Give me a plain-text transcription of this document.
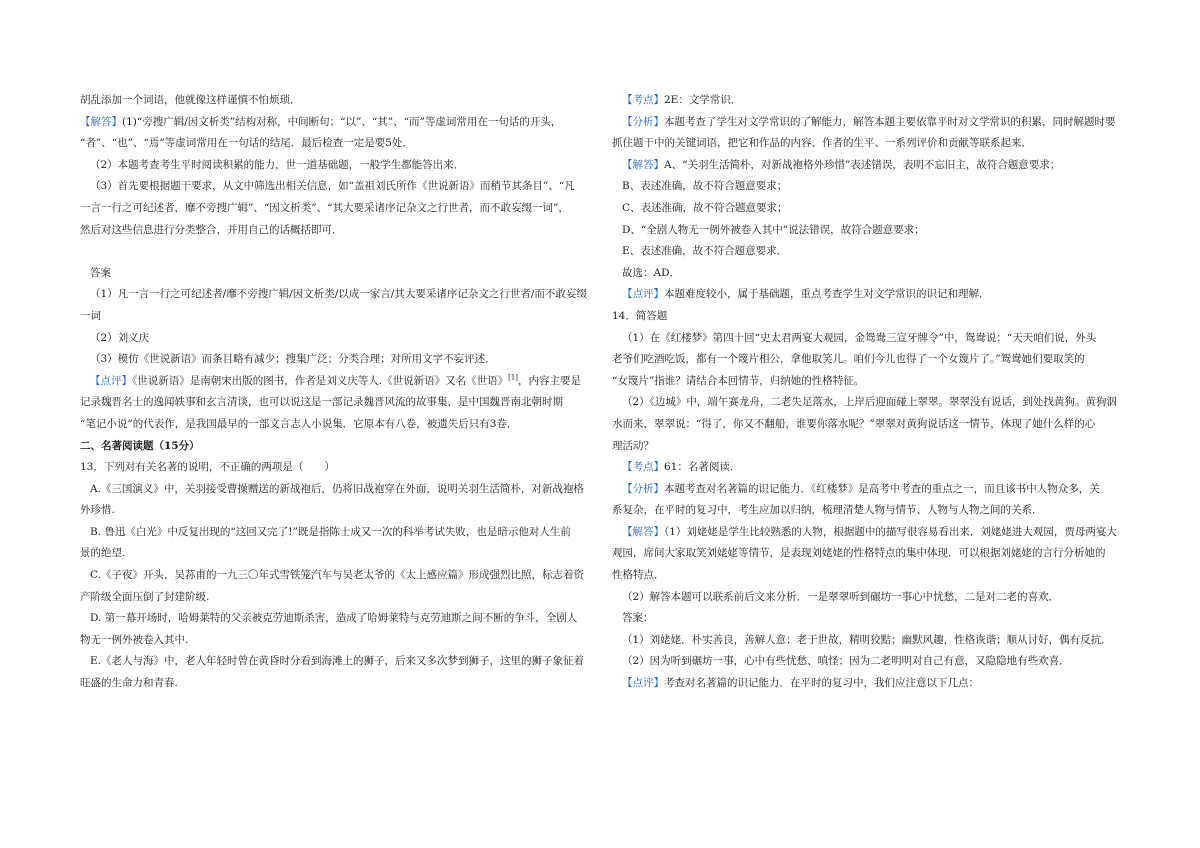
胡乱添加一个词语，他就像这样谨慎不怕烦琐．
【解答】(1)“旁搜广辑/因文析类”结构对称，中间断句；“以”、“其”、“而”等虚词常用在一句话的开头，
“者”、“也”、“焉”等虚词常用在一句话的结尾．最后检查一定是要5处．
（2）本题考查考生平时阅读积累的能力，世一道基础题，一般学生都能答出来．
（3）首先要根据题干要求，从文中筛选出相关信息，如“盖祖刘氏所作《世说新语》而稍节其条目”、“凡
一言一行之可纪述者，靡不旁搜广辑”、“因文析类”、“其大要采诸序记杂文之行世者，而不敢妄缀一词”，
然后对这些信息进行分类整合，并用自己的话概括即可．
答案
（1）凡一言一行之可纪述者/靡不旁搜广辑/因文析类/以成一家言/其大要采诸序记杂文之行世者/而不敢妄缀
一词
（2）刘义庆
（3）模仿《世说新语》而条目略有减少；搜集广泛；分类合理；对所用文字不妄评述．
【点评】《世说新语》是南朝宋出版的图书，作者是刘义庆等人.《世说新语》又名《世语》[1]，内容主要是
记录魏晋名士的逸闻轶事和玄言清谈，也可以说这是一部记录魏晋风流的故事集，是中国魏晋南北朝时期
“笔记小说”的代表作，是我国最早的一部文言志人小说集．它原本有八卷，被遗失后只有3卷．
二、名著阅读题（15分）
13．下列对有关名著的说明，不正确的两项是（　　）
A.《三国演义》中，关羽接受曹操赠送的新战袍后，仍将旧战袍穿在外面，说明关羽生活简朴，对新战袍格
外珍惜.
B. 鲁迅《白光》中反复出现的“这回又完了!”既是指陈士成又一次的科举考试失败，也是暗示他对人生前
景的绝望.
C.《子夜》开头，吴荪甫的一九三〇年式雪铁笼汽车与吴老太爷的《太上感应篇》形成强烈比照，标志着资
产阶级全面压倒了封建阶级.
D. 第一幕开场时，哈姆莱特的父亲被克劳迪斯杀害，造成了哈姆莱特与克劳迪斯之间不断的争斗，全剧人
物无一例外被卷入其中.
E.《老人与海》中，老人年轻时曾在黄昏时分看到海滩上的狮子，后来又多次梦到狮子，这里的狮子象征着
旺盛的生命力和青春.
【考点】2E：文学常识．
【分析】本题考查了学生对文学常识的了解能力，解答本题主要依靠平时对文学常识的积累，同时解题时要
抓住题干中的关键词语，把它和作品的内容、作者的生平、一系列评价和贡献等联系起来．
【解答】A、“关羽生活简朴，对新战袍格外珍惜”表述错误，表明不忘旧主，故符合题意要求；
B、表述准确，故不符合题意要求；
C、表述准确，故不符合题意要求；
D、“全剧人物无一例外被卷入其中”说法错误，故符合题意要求；
E、表述准确，故不符合题意要求．
故选：AD．
【点评】本题难度较小，属于基础题，重点考查学生对文学常识的识记和理解．
14．简答题
（1）在《红楼梦》第四十回“史太君两宴大观园，金鸳鸯三宣牙牌令”中，鸳鸯说：“天天咱们说，外头
老爷们吃酒吃饭，都有一个篾片相公，拿他取笑儿。咱们今儿也得了一个女篾片了。”鸳鸯她们要取笑的
“女篾片”指谁？请结合本回情节，归纳她的性格特征。
（2）《边城》中，端午赛龙舟，二老失足落水，上岸后迎面碰上翠翠。翠翠没有说话，到处找黄狗。黄狗泅
水而来，翠翠说：“得了，你又不翻船，谁要你落水呢？”翠翠对黄狗说话这一情节，体现了她什么样的心
理活动？
【考点】61：名著阅读．
【分析】本题考查对名著篇的识记能力．《红楼梦》是高考中考查的重点之一，而且该书中人物众多，关
系复杂，在平时的复习中，考生应加以归纳，梳理清楚人物与情节、人物与人物之间的关系．
【解答】（1）刘姥姥是学生比较熟悉的人物，根据题中的描写很容易看出来．刘姥姥进大观园，贾母两宴大
观园，席间大家取笑刘姥姥等情节，是表现刘姥姥的性格特点的集中体现．可以根据刘姥姥的言行分析她的
性格特点．
（2）解答本题可以联系前后文来分析．一是翠翠听到碾坊一事心中忧愁，二是对二老的喜欢．
答案：
（1）刘姥姥．朴实善良，善解人意；老于世故，精明狡黠；幽默风趣，性格诙谐；顺从讨好，偶有反抗．
（2）因为听到碾坊一事，心中有些忧愁、嗔怪；因为二老明明对自己有意，又隐隐地有些欢喜．
【点评】考查对名著篇的识记能力．在平时的复习中，我们应注意以下几点：
